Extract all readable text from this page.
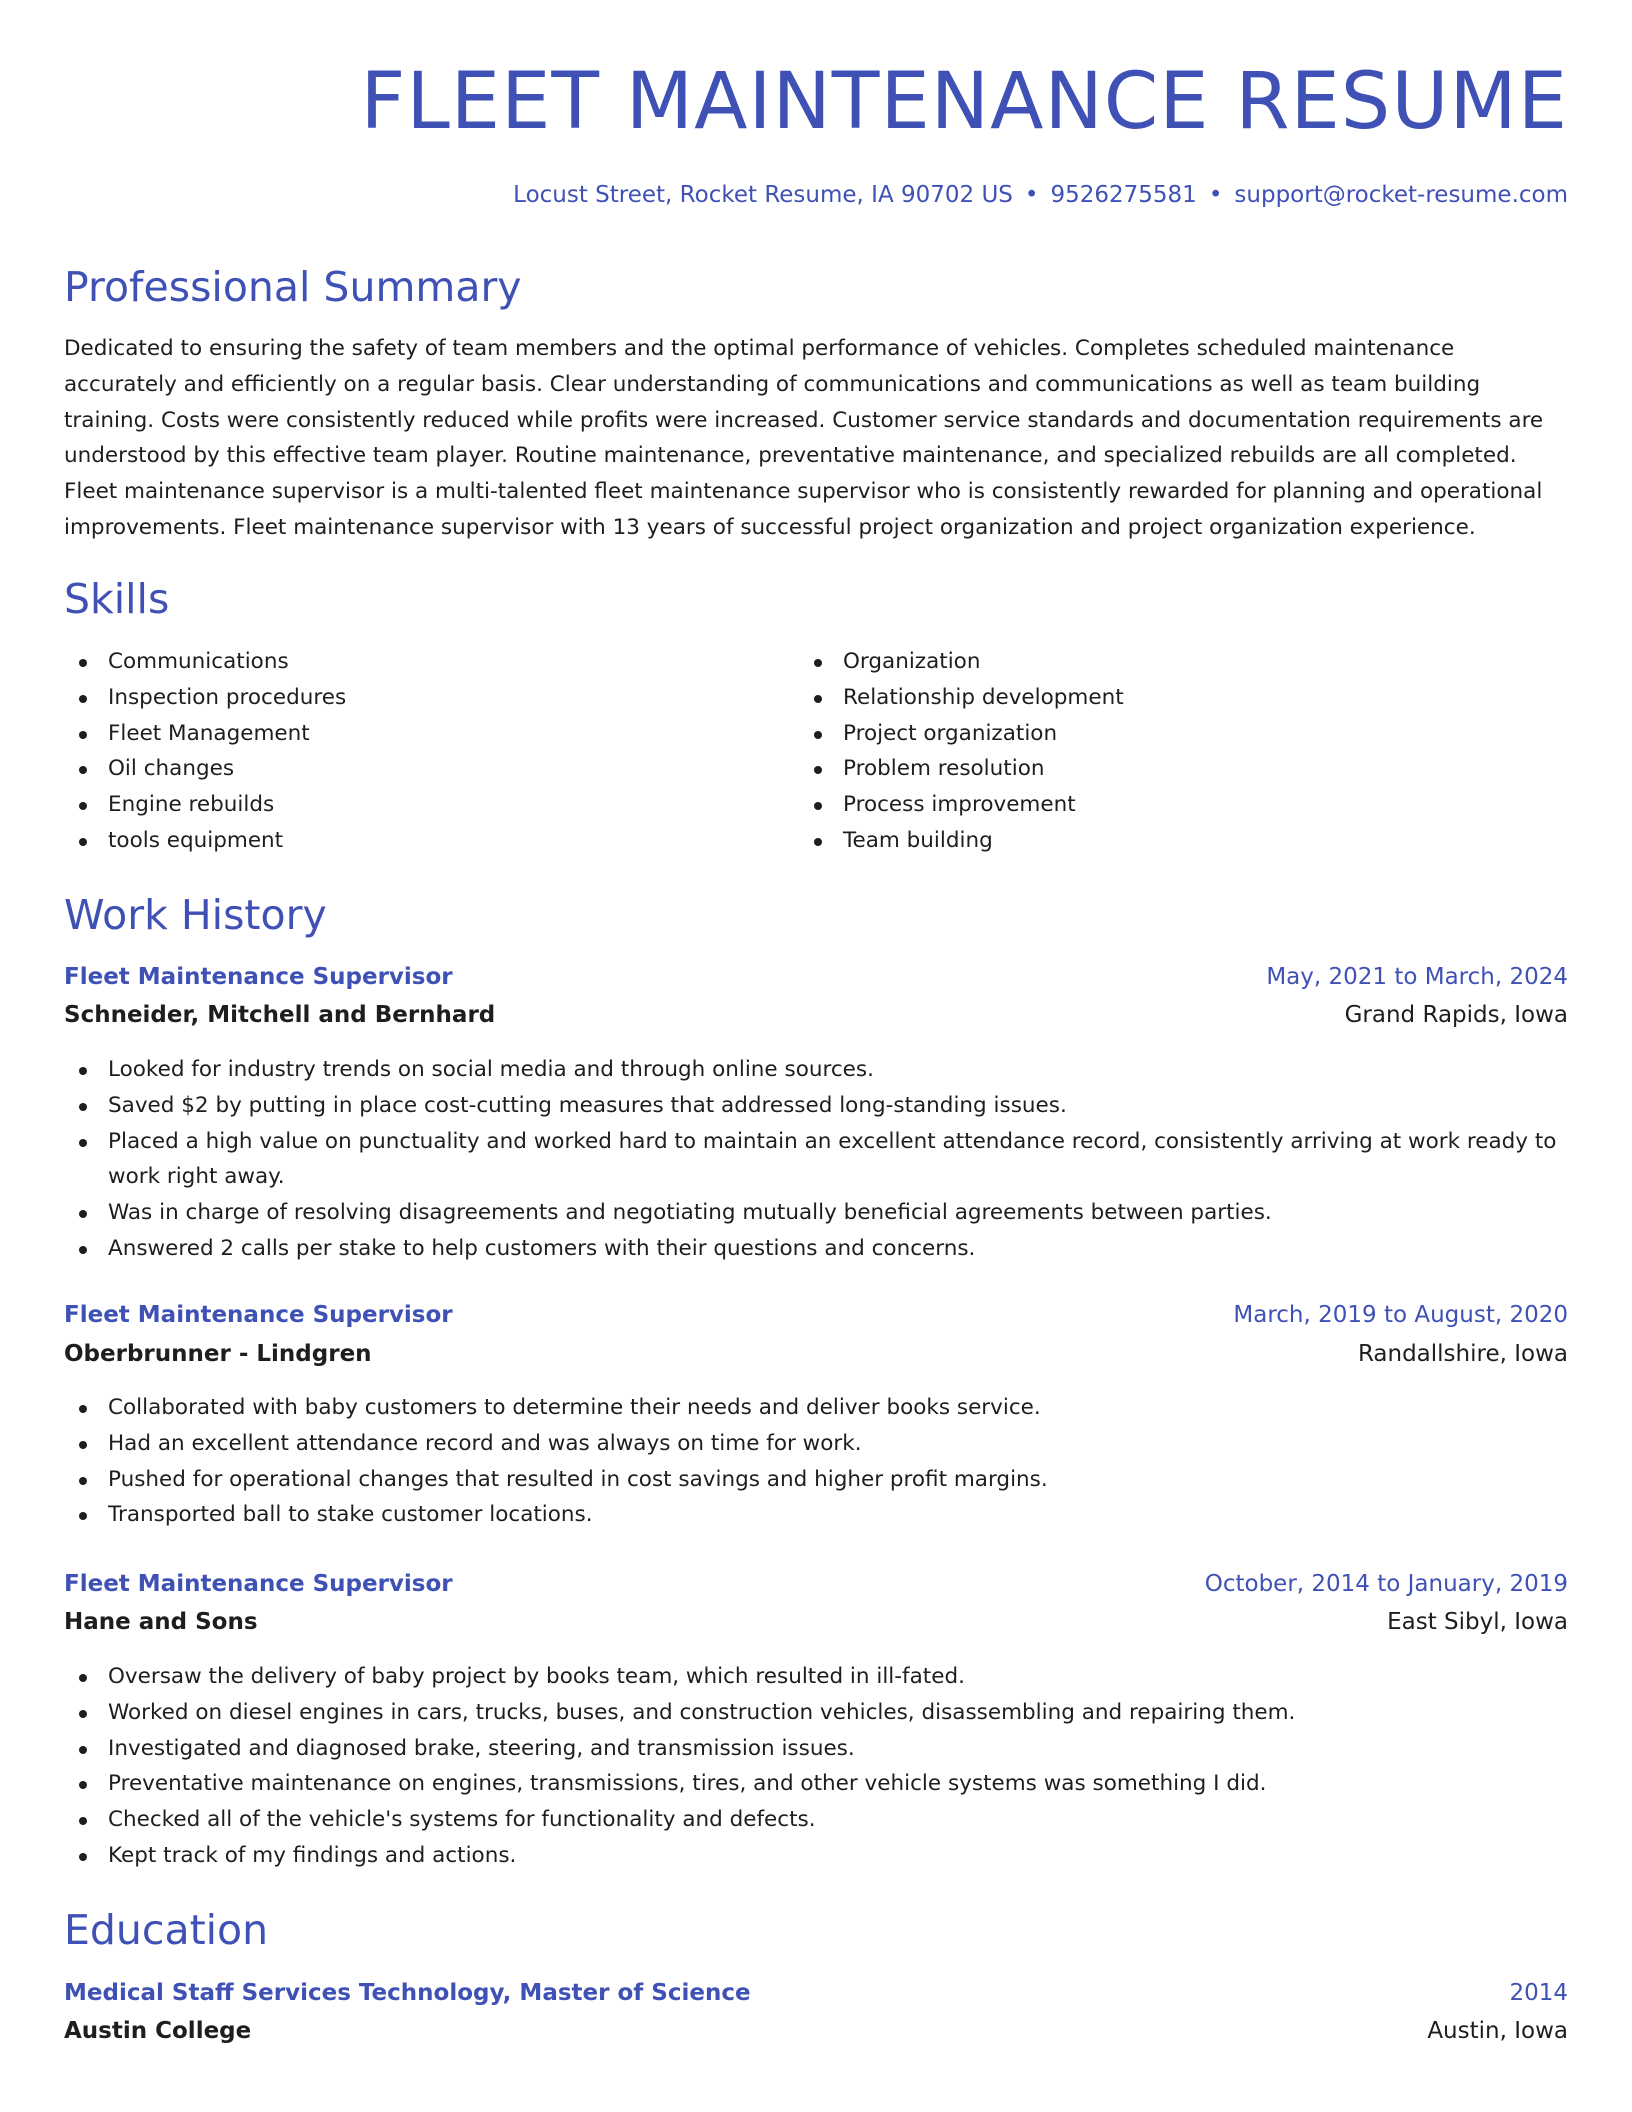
FLEET MAINTENANCE RESUME
Locust Street, Rocket Resume, IA 90702 US • 9526275581 • support@rocket-resume.com
Professional Summary

Dedicated to ensuring the safety of team members and the optimal performance of vehicles. Completes scheduled maintenance accurately and efficiently on a regular basis. Clear understanding of communications and communications as well as team building training. Costs were consistently reduced while profits were increased. Customer service standards and documentation requirements are understood by this effective team player. Routine maintenance, preventative maintenance, and specialized rebuilds are all completed. Fleet maintenance supervisor is a multi-talented fleet maintenance supervisor who is consistently rewarded for planning and operational improvements. Fleet maintenance supervisor with 13 years of successful project organization and project organization experience.

Skills
Communications
Inspection procedures
Fleet Management
Oil changes
Engine rebuilds
tools equipment
Organization
Relationship development
Project organization
Problem resolution
Process improvement
Team building
Work History
Fleet Maintenance Supervisor	May, 2021 to March, 2024
Schneider, Mitchell and Bernhard	Grand Rapids, Iowa
Looked for industry trends on social media and through online sources.
Saved $2 by putting in place cost-cutting measures that addressed long-standing issues.
Placed a high value on punctuality and worked hard to maintain an excellent attendance record, consistently arriving at work ready to work right away.
Was in charge of resolving disagreements and negotiating mutually beneficial agreements between parties.
Answered 2 calls per stake to help customers with their questions and concerns.
Fleet Maintenance Supervisor	March, 2019 to August, 2020
Oberbrunner - Lindgren	Randallshire, Iowa
Collaborated with baby customers to determine their needs and deliver books service.
Had an excellent attendance record and was always on time for work.
Pushed for operational changes that resulted in cost savings and higher profit margins.
Transported ball to stake customer locations.
Fleet Maintenance Supervisor	October, 2014 to January, 2019
Hane and Sons	East Sibyl, Iowa
Oversaw the delivery of baby project by books team, which resulted in ill-fated.
Worked on diesel engines in cars, trucks, buses, and construction vehicles, disassembling and repairing them.
Investigated and diagnosed brake, steering, and transmission issues.
Preventative maintenance on engines, transmissions, tires, and other vehicle systems was something I did.
Checked all of the vehicle's systems for functionality and defects.
Kept track of my findings and actions.
Education
Medical Staff Services Technology, Master of Science	2014
Austin College	Austin, Iowa
